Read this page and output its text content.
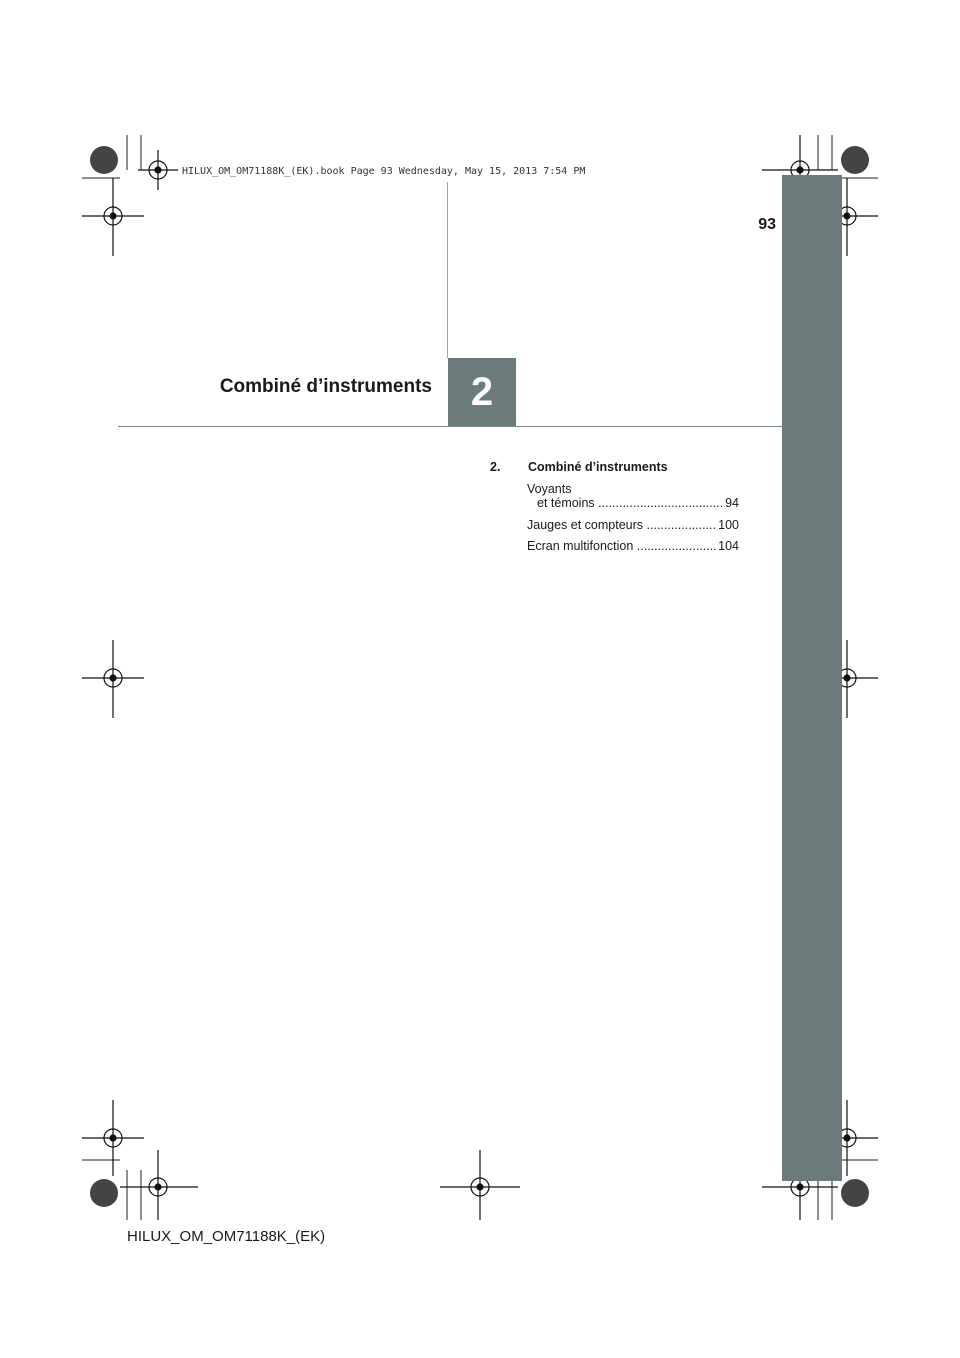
HILUX_OM_OM71188K_(EK).book Page 93 Wednesday, May 15, 2013 7:54 PM
93
Combiné d’instruments 2
2. Combiné d’instruments
Voyants
et témoins .....	94
Jauges et compteurs .....	100
Ecran multifonction .....	104
HILUX_OM_OM71188K_(EK)
